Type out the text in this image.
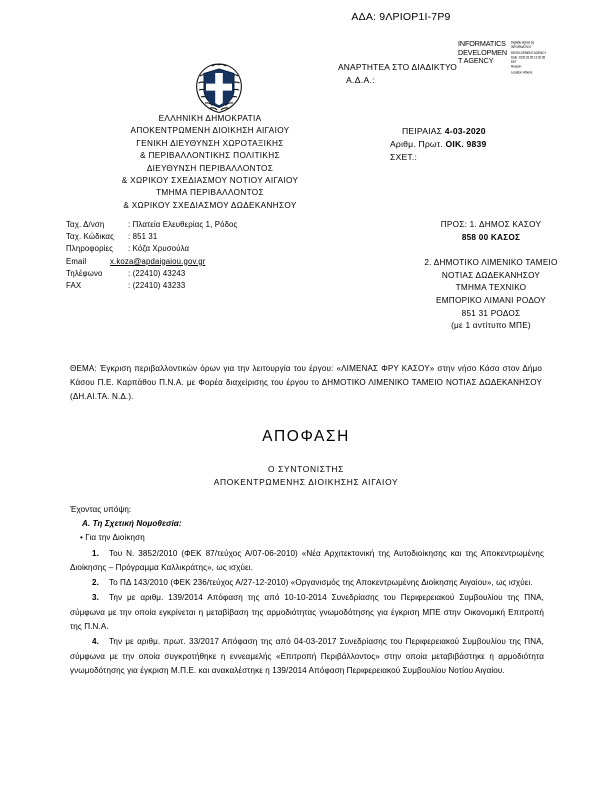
ΑΔΑ: 9ΛΡΙΟΡ1Ι-7Ρ9
INFORMATICS
DEVELOPMEN
T AGENCY
Digitally signed by
INFORMATICS
DEVELOPMENT AGENCY
Date: 2020.03.05 13:20:36
EET
Reason:
Location: Athens
ΑΝΑΡΤΗΤΕΑ ΣΤΟ ΔΙΑΔΙΚΤΥΟ
Α.Δ.Α.:
ΕΛΛΗΝΙΚΗ ΔΗΜΟΚΡΑΤΙΑ
ΑΠΟΚΕΝΤΡΩΜΕΝΗ ΔΙΟΙΚΗΣΗ ΑΙΓΑΙΟΥ
ΓΕΝΙΚΗ ΔΙΕΥΘΥΝΣΗ ΧΩΡΟΤΑΞΙΚΗΣ
& ΠΕΡΙΒΑΛΛΟΝΤΙΚΗΣ ΠΟΛΙΤΙΚΗΣ
ΔΙΕΥΘΥΝΣΗ ΠΕΡΙΒΑΛΛΟΝΤΟΣ
& ΧΩΡΙΚΟΥ ΣΧΕΔΙΑΣΜΟΥ ΝΟΤΙΟΥ ΑΙΓΑΙΟΥ
ΤΜΗΜΑ ΠΕΡΙΒΑΛΛΟΝΤΟΣ
& ΧΩΡΙΚΟΥ ΣΧΕΔΙΑΣΜΟΥ ΔΩΔΕΚΑΝΗΣΟΥ
ΠΕΙΡΑΙΑΣ 4-03-2020
Αριθμ. Πρωτ. ΟΙΚ. 9839
ΣΧΕΤ.:
Ταχ. Δ/νση	: Πλατεία Ελευθερίας 1, Ρόδος
Ταχ. Κώδικας : 851 31
Πληροφορίες : Κόζα Χρυσούλα
Email	x.koza@apdaigaiou.gov.gr
Τηλέφωνο	: (22410) 43243
FAX	: (22410) 43233
ΠΡΟΣ: 1. ΔΗΜΟΣ ΚΑΣΟΥ
858 00 ΚΑΣΟΣ
2. ΔΗΜΟΤΙΚΟ ΛΙΜΕΝΙΚΟ ΤΑΜΕΙΟ
ΝΟΤΙΑΣ ΔΩΔΕΚΑΝΗΣΟΥ
ΤΜΗΜΑ ΤΕΧΝΙΚΟ
ΕΜΠΟΡΙΚΟ ΛΙΜΑΝΙ ΡΟΔΟΥ
851 31 ΡΟΔΟΣ
(με 1 αντίτυπο ΜΠΕ)
ΘΕΜΑ: Έγκριση περιβαλλοντικών όρων για την λειτουργία του έργου: «ΛΙΜΕΝΑΣ ΦΡΥ ΚΑΣΟΥ» στην νήσο Κάσο στον Δήμο Κάσου Π.Ε. Καρπάθου Π.Ν.Α. με Φορέα διαχείρισης του έργου το ΔΗΜΟΤΙΚΟ ΛΙΜΕΝΙΚΟ ΤΑΜΕΙΟ ΝΟΤΙΑΣ ΔΩΔΕΚΑΝΗΣΟΥ (ΔΗ.ΑΙ.ΤΑ. Ν.Δ.).
ΑΠΟΦΑΣΗ
Ο ΣΥΝΤΟΝΙΣΤΗΣ
ΑΠΟΚΕΝΤΡΩΜΕΝΗΣ ΔΙΟΙΚΗΣΗΣ ΑΙΓΑΙΟΥ
Έχοντας υπόψη:
Α. Τη Σχετική Νομοθεσία:
• Για την Διοίκηση
1. Του Ν. 3852/2010 (ΦΕΚ 87/τεύχος Α/07-06-2010) «Νέα Αρχιτεκτονική της Αυτοδιοίκησης και της Αποκεντρωμένης Διοίκησης – Πρόγραμμα Καλλικράτης», ως ισχύει.
2. Το ΠΔ 143/2010 (ΦΕΚ 236/τεύχος Α/27-12-2010) «Οργανισμός της Αποκεντρωμένης Διοίκησης Αιγαίου», ως ισχύει.
3. Την με αριθμ. 139/2014 Απόφαση της από 10-10-2014 Συνεδρίασης του Περιφερειακού Συμβουλίου της ΠΝΑ, σύμφωνα με την οποία εγκρίνεται η μεταβίβαση της αρμοδιότητας γνωμοδότησης για έγκριση ΜΠΕ στην Οικονομική Επιτροπή της Π.Ν.Α.
4. Την με αριθμ. πρωτ. 33/2017 Απόφαση της από 04-03-2017 Συνεδρίασης του Περιφερειακού Συμβουλίου της ΠΝΑ, σύμφωνα με την οποία συγκροτήθηκε η εννεαμελής «Επιτροπή Περιβάλλοντος» στην οποία μεταβιβάστηκε η αρμοδιότητα γνωμοδότησης για έγκριση Μ.Π.Ε. και ανακαλέστηκε η 139/2014 Απόφαση Περιφερειακού Συμβουλίου Νοτίου Αιγαίου.
